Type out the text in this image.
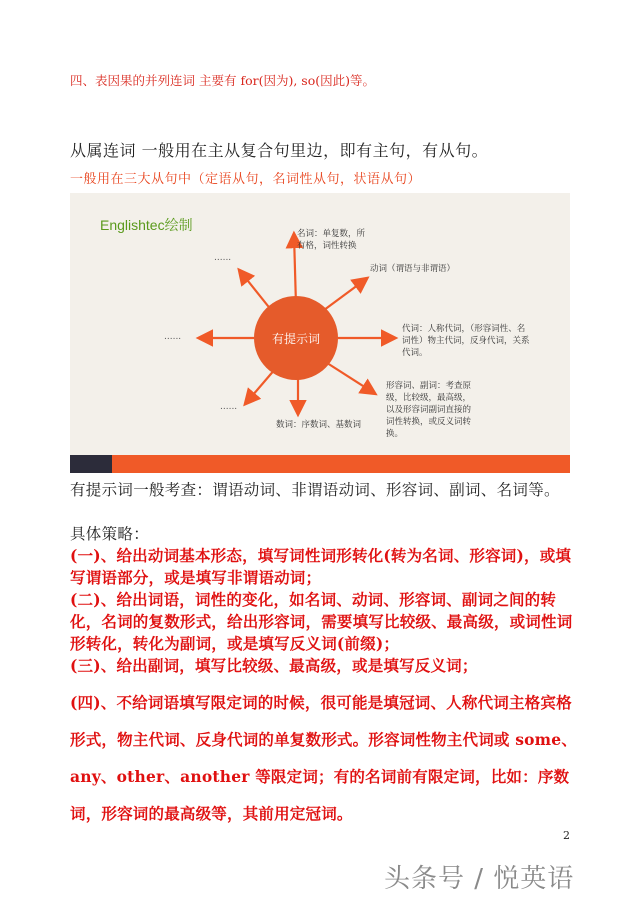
四、表因果的并列连词 主要有 for(因为), so(因此)等。
从属连词 一般用在主从复合句里边，即有主句，有从句。
一般用在三大从句中（定语从句，名词性从句，状语从句）
Englishtec绘制
有提示词
名词：单复数，所
有格，词性转换
动词（谓语与非谓语）
代词：人称代词，（形容词性、名
词性）物主代词，反身代词，关系
代词。
形容词、副词：考查原
级，比较级，最高级，
以及形容词副词直接的
词性转换，或反义词转
换。
数词：序数词、基数词
......
......
......
有提示词一般考查：谓语动词、非谓语动词、形容词、副词、名词等。
具体策略：
(一)、给出动词基本形态，填写词性词形转化(转为名词、形容词)，或填写谓语部分，或是填写非谓语动词；
(二)、给出词语，词性的变化，如名词、动词、形容词、副词之间的转化，名词的复数形式，给出形容词，需要填写比较级、最高级，或词性词形转化，转化为副词，或是填写反义词(前缀)；
(三)、给出副词，填写比较级、最高级，或是填写反义词；
(四)、不给词语填写限定词的时候，很可能是填冠词、人称代词主格宾格形式，物主代词、反身代词的单复数形式。形容词性物主代词或 some、any、other、another 等限定词；有的名词前有限定词，比如：序数词，形容词的最高级等，其前用定冠词。
2
头条号 / 悦英语
